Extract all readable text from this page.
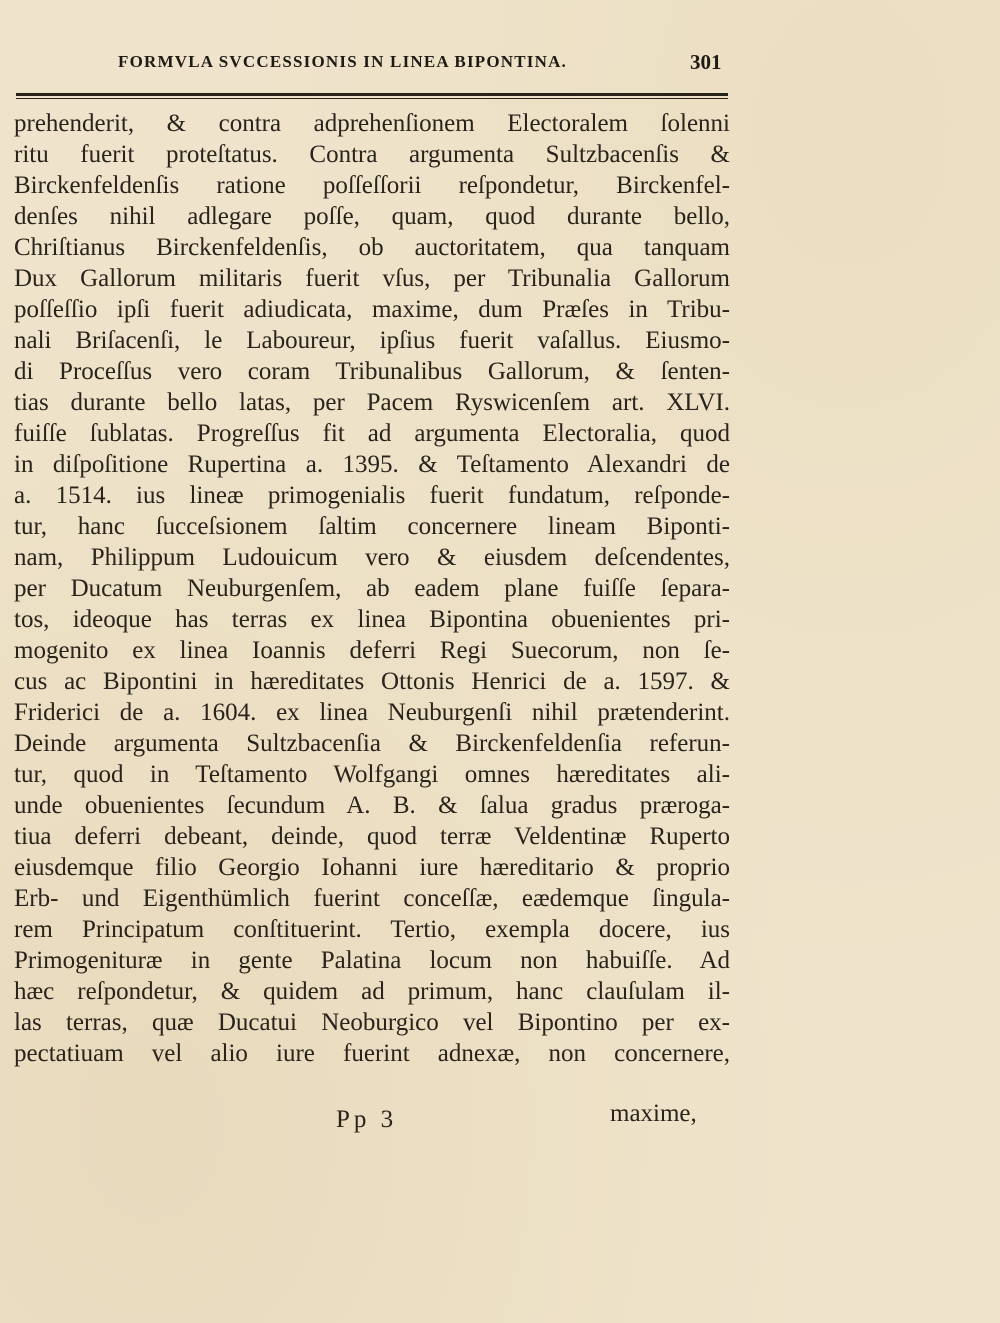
FORMVLA SVCCESSIONIS IN LINEA BIPONTINA.	301
prehenderit, & contra adprehenſionem Electoralem ſolenni
ritu fuerit proteſtatus. Contra argumenta Sultzbacenſis &
Birckenfeldenſis ratione poſſeſſorii reſpondetur, Birckenfel-
denſes nihil adlegare poſſe, quam, quod durante bello,
Chriſtianus Birckenfeldenſis, ob auctoritatem, qua tanquam
Dux Gallorum militaris fuerit vſus, per Tribunalia Gallorum
poſſeſſio ipſi fuerit adiudicata, maxime, dum Præſes in Tribu-
nali Briſacenſi, le Laboureur, ipſius fuerit vaſallus. Eiusmo-
di Proceſſus vero coram Tribunalibus Gallorum, & ſenten-
tias durante bello latas, per Pacem Ryswicenſem art. XLVI.
fuiſſe ſublatas. Progreſſus fit ad argumenta Electoralia, quod
in diſpoſitione Rupertina a. 1395. & Teſtamento Alexandri de
a. 1514. ius lineæ primogenialis fuerit fundatum, reſponde-
tur, hanc ſucceſsionem ſaltim concernere lineam Biponti-
nam, Philippum Ludouicum vero & eiusdem deſcendentes,
per Ducatum Neuburgenſem, ab eadem plane fuiſſe ſepara-
tos, ideoque has terras ex linea Bipontina obuenientes pri-
mogenito ex linea Ioannis deferri Regi Suecorum, non ſe-
cus ac Bipontini in hæreditates Ottonis Henrici de a. 1597. &
Friderici de a. 1604. ex linea Neuburgenſi nihil prætenderint.
Deinde argumenta Sultzbacenſia & Birckenfeldenſia referun-
tur, quod in Teſtamento Wolfgangi omnes hæreditates ali-
unde obuenientes ſecundum A. B. & ſalua gradus prærogа-
tiua deferri debeant, deinde, quod terræ Veldentinæ Ruperto
eiusdemque filio Georgio Iohanni iure hæreditario & proprio
Erb- und Eigenthümlich fuerint conceſſæ, eædemque ſingula-
rem Principatum conſtituerint. Tertio, exempla docere, ius
Primogenituræ in gente Palatina locum non habuiſſe. Ad
hæc reſpondetur, & quidem ad primum, hanc clauſulam il-
las terras, quæ Ducatui Neoburgico vel Bipontino per ex-
pectatiuam vel alio iure fuerint adnexæ, non concernere,
Pp 3	maxime,
